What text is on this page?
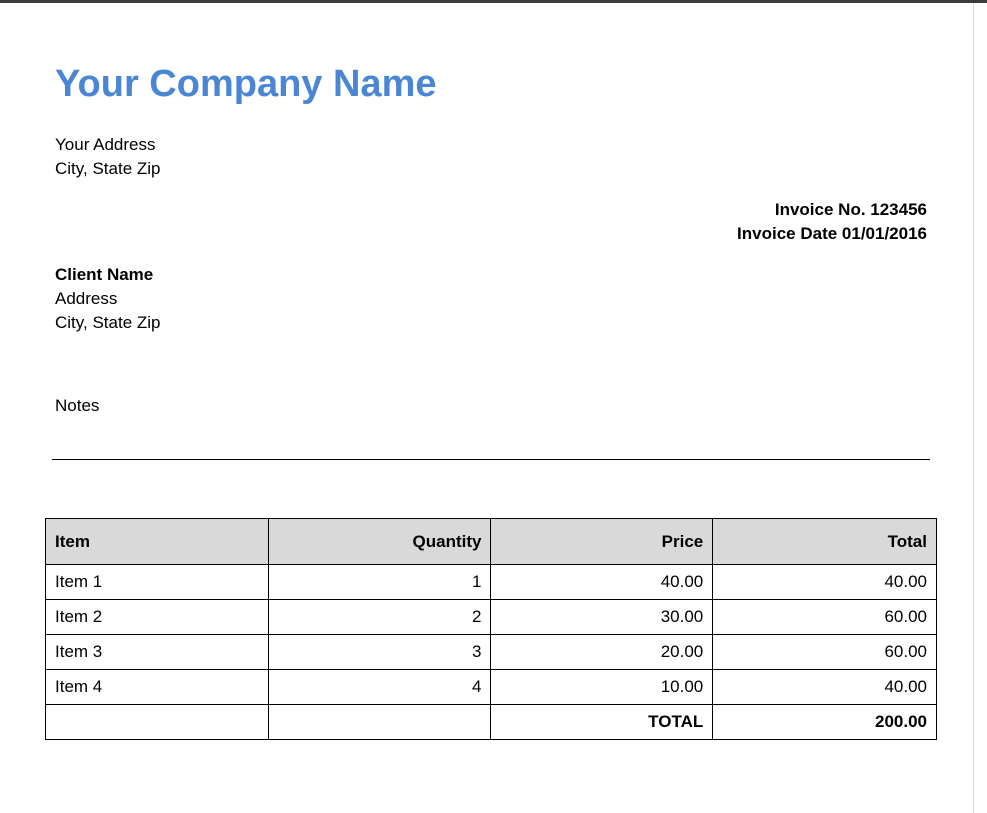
Your Company Name
Your Address
City, State Zip
Invoice No. 123456
Invoice Date 01/01/2016
Client Name
Address
City, State Zip
Notes
Item	Quantity	Price	Total
Item 1	1	40.00	40.00
Item 2	2	30.00	60.00
Item 3	3	20.00	60.00
Item 4	4	10.00	40.00
		TOTAL	200.00
